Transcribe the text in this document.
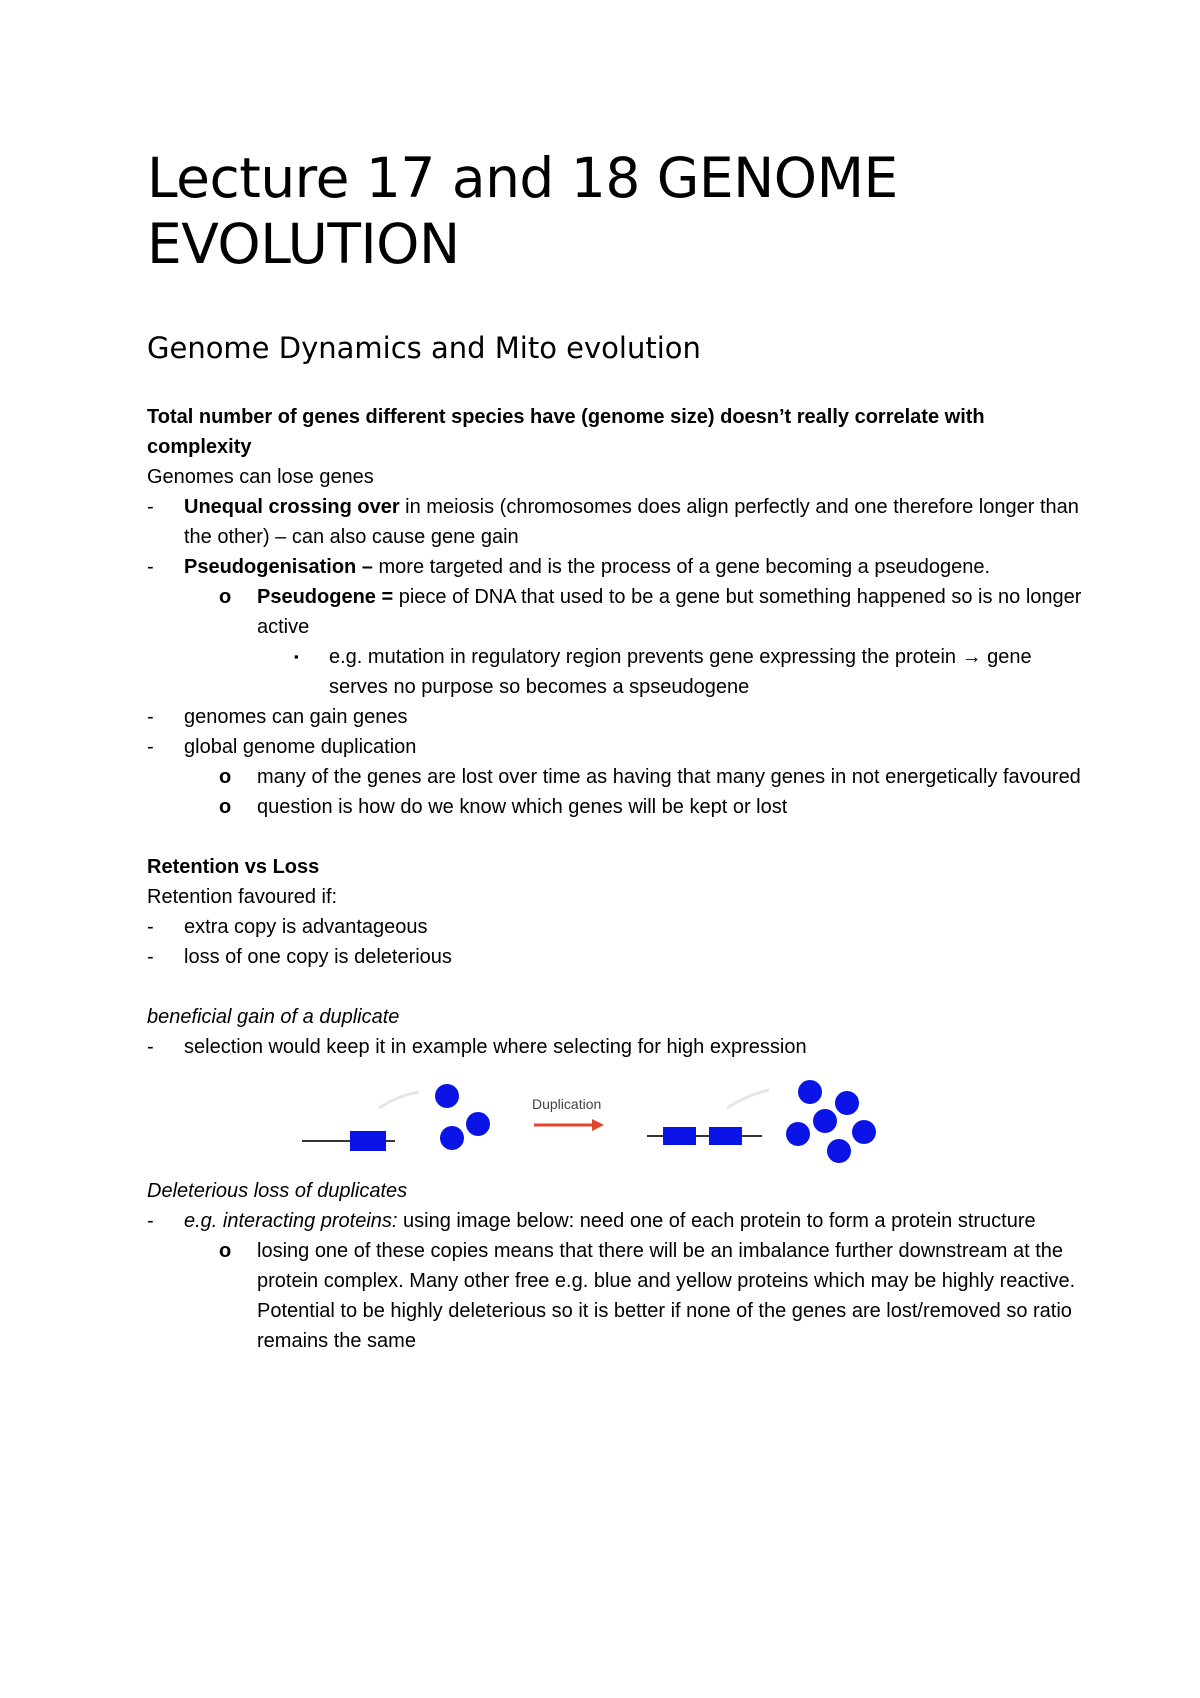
Lecture 17 and 18 GENOME EVOLUTION
Genome Dynamics and Mito evolution

Total number of genes different species have (genome size) doesn’t really correlate with complexity

Genomes can lose genes

- Unequal crossing over in meiosis (chromosomes does align perfectly and one therefore longer than the other) – can also cause gene gain
- Pseudogenisation – more targeted and is the process of a gene becoming a pseudogene.
o Pseudogene = piece of DNA that used to be a gene but something happened so is no longer active
▪ e.g. mutation in regulatory region prevents gene expressing the protein → gene serves no purpose so becomes a spseudogene
- genomes can gain genes
- global genome duplication
o many of the genes are lost over time as having that many genes in not energetically favoured
o question is how do we know which genes will be kept or lost

Retention vs Loss

Retention favoured if:

- extra copy is advantageous
- loss of one copy is deleterious

beneficial gain of a duplicate

- selection would keep it in example where selecting for high expression
Duplication

Deleterious loss of duplicates

- e.g. interacting proteins: using image below: need one of each protein to form a protein structure
o losing one of these copies means that there will be an imbalance further downstream at the protein complex. Many other free e.g. blue and yellow proteins which may be highly reactive. Potential to be highly deleterious so it is better if none of the genes are lost/removed so ratio remains the same
